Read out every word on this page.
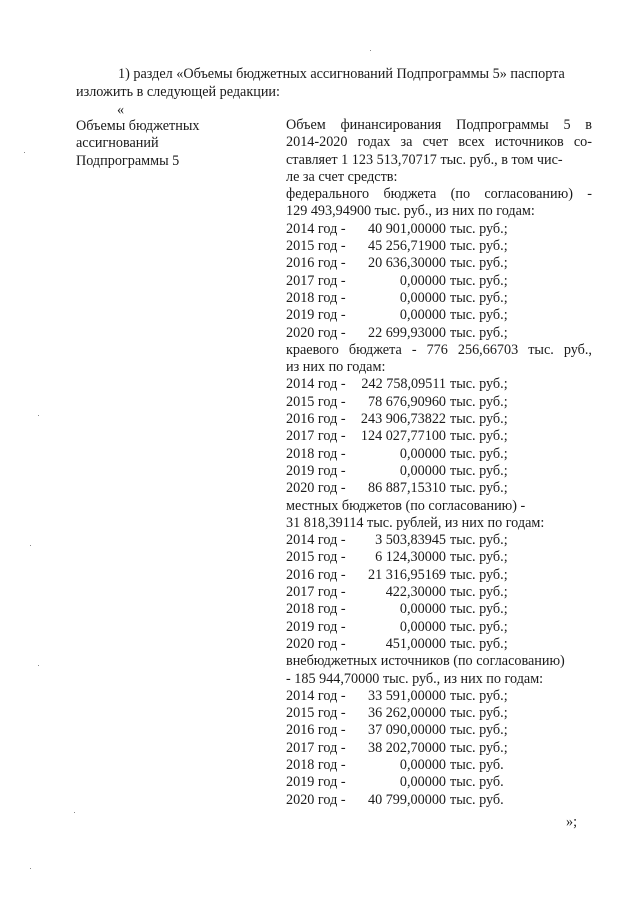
1) раздел «Объемы бюджетных ассигнований Подпрограммы 5» паспорта
изложить в следующей редакции:
«
Объемы бюджетных
ассигнований
Подпрограммы 5
Объем финансирования Подпрограммы 5 в
2014-2020 годах за счет всех источников со-
ставляет 1 123 513,70717 тыс. руб., в том чис-
ле за счет средств:
федерального бюджета (по согласованию) -
129 493,94900 тыс. руб., из них по годам:
2014 год -	40 901,00000 тыс. руб.;
2015 год -	45 256,71900 тыс. руб.;
2016 год -	20 636,30000 тыс. руб.;
2017 год -	0,00000 тыс. руб.;
2018 год -	0,00000 тыс. руб.;
2019 год -	0,00000 тыс. руб.;
2020 год -	22 699,93000 тыс. руб.;
краевого бюджета - 776 256,66703 тыс. руб.,
из них по годам:
2014 год -	242 758,09511 тыс. руб.;
2015 год -	78 676,90960 тыс. руб.;
2016 год -	243 906,73822 тыс. руб.;
2017 год -	124 027,77100 тыс. руб.;
2018 год -	0,00000 тыс. руб.;
2019 год -	0,00000 тыс. руб.;
2020 год -	86 887,15310 тыс. руб.;
местных бюджетов (по согласованию) -
31 818,39114 тыс. рублей, из них по годам:
2014 год -	3 503,83945 тыс. руб.;
2015 год -	6 124,30000 тыс. руб.;
2016 год -	21 316,95169 тыс. руб.;
2017 год -	422,30000 тыс. руб.;
2018 год -	0,00000 тыс. руб.;
2019 год -	0,00000 тыс. руб.;
2020 год -	451,00000 тыс. руб.;
внебюджетных источников (по согласованию)
- 185 944,70000 тыс. руб., из них по годам:
2014 год -	33 591,00000 тыс. руб.;
2015 год -	36 262,00000 тыс. руб.;
2016 год -	37 090,00000 тыс. руб.;
2017 год -	38 202,70000 тыс. руб.;
2018 год -	0,00000 тыс. руб.
2019 год -	0,00000 тыс. руб.
2020 год -	40 799,00000 тыс. руб.
»;
